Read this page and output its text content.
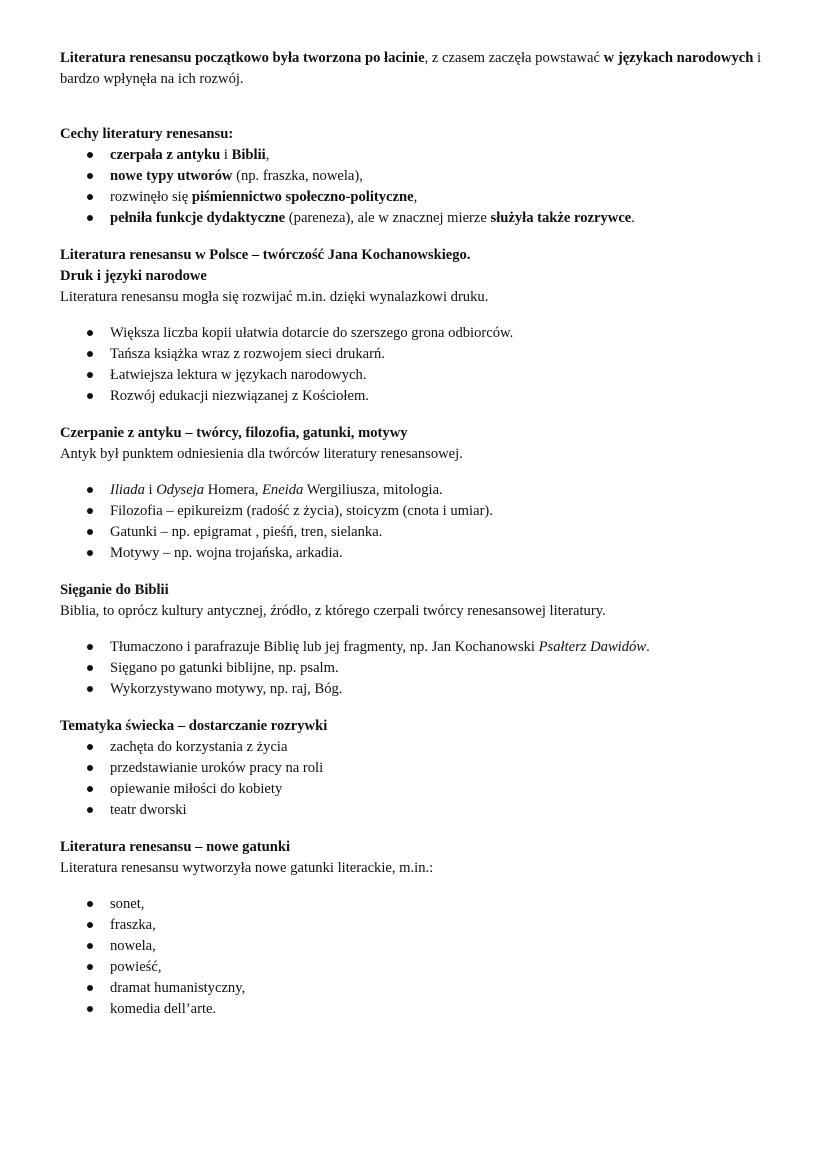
Literatura renesansu początkowo była tworzona po łacinie, z czasem zaczęła powstawać w językach narodowych i bardzo wpłynęła na ich rozwój.

Cechy literatury renesansu:

czerpała z antyku i Biblii,
nowe typy utworów (np. fraszka, nowela),
rozwinęło się piśmiennictwo społeczno-polityczne,
pełniła funkcje dydaktyczne (pareneza), ale w znacznej mierze służyła także rozrywce.

Literatura renesansu w Polsce – twórczość Jana Kochanowskiego.

Druk i języki narodowe

Literatura renesansu mogła się rozwijać m.in. dzięki wynalazkowi druku.

Większa liczba kopii ułatwia dotarcie do szerszego grona odbiorców.
Tańsza książka wraz z rozwojem sieci drukarń.
Łatwiejsza lektura w językach narodowych.
Rozwój edukacji niezwiązanej z Kościołem.

Czerpanie z antyku – twórcy, filozofia, gatunki, motywy

Antyk był punktem odniesienia dla twórców literatury renesansowej.

Iliada i Odyseja Homera, Eneida Wergiliusza, mitologia.
Filozofia – epikureizm (radość z życia), stoicyzm (cnota i umiar).
Gatunki – np. epigramat , pieśń, tren, sielanka.
Motywy – np. wojna trojańska, arkadia.

Sięganie do Biblii

Biblia, to oprócz kultury antycznej, źródło, z którego czerpali twórcy renesansowej literatury.

Tłumaczono i parafrazuje Biblię lub jej fragmenty, np. Jan Kochanowski Psałterz Dawidów.
Sięgano po gatunki biblijne, np. psalm.
Wykorzystywano motywy, np. raj, Bóg.

Tematyka świecka – dostarczanie rozrywki

zachęta do korzystania z życia
przedstawianie uroków pracy na roli
opiewanie miłości do kobiety
teatr dworski

Literatura renesansu – nowe gatunki

Literatura renesansu wytworzyła nowe gatunki literackie, m.in.:

sonet,
fraszka,
nowela,
powieść,
dramat humanistyczny,
komedia dell’arte.
